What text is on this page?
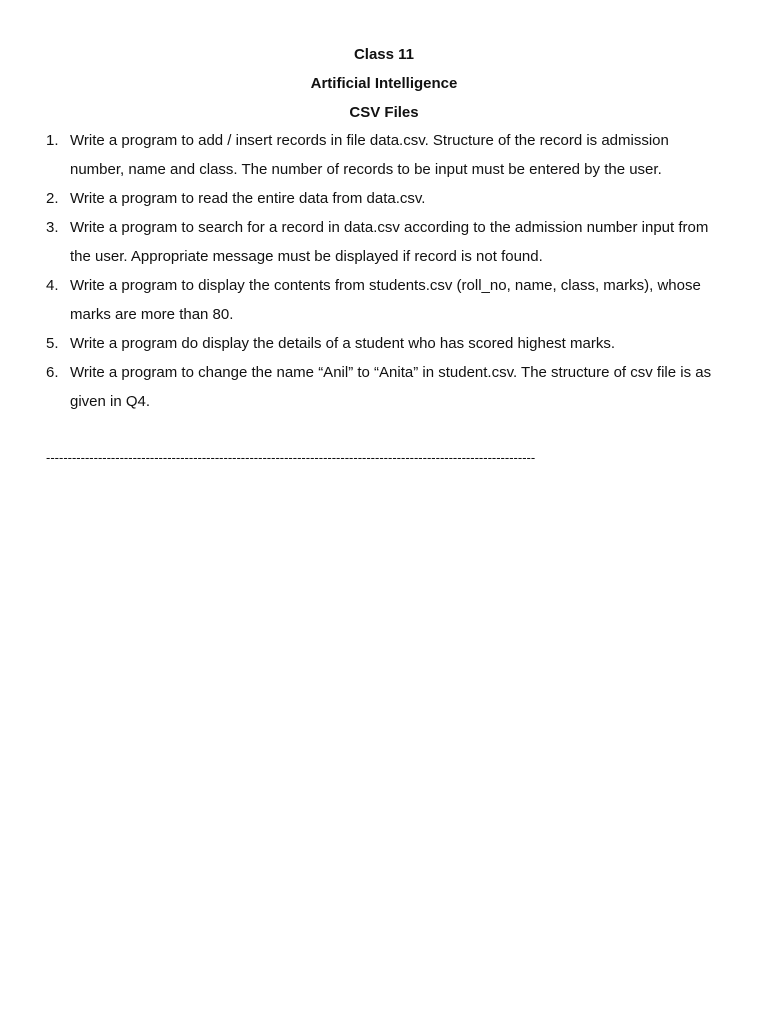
Class 11
Artificial Intelligence
CSV Files
1. Write a program to add / insert records in file data.csv. Structure of the record is admission number, name and class. The number of records to be input must be entered by the user.
2. Write a program to read the entire data from data.csv.
3. Write a program to search for a record in data.csv according to the admission number input from the user. Appropriate message must be displayed if record is not found.
4. Write a program to display the contents from students.csv (roll_no, name, class, marks), whose marks are more than 80.
5. Write a program do display the details of a student who has scored highest marks.
6. Write a program to change the name “Anil” to “Anita” in student.csv. The structure of csv file is as given in Q4.
-----------------------------------------------------------------------------------------------------------------
